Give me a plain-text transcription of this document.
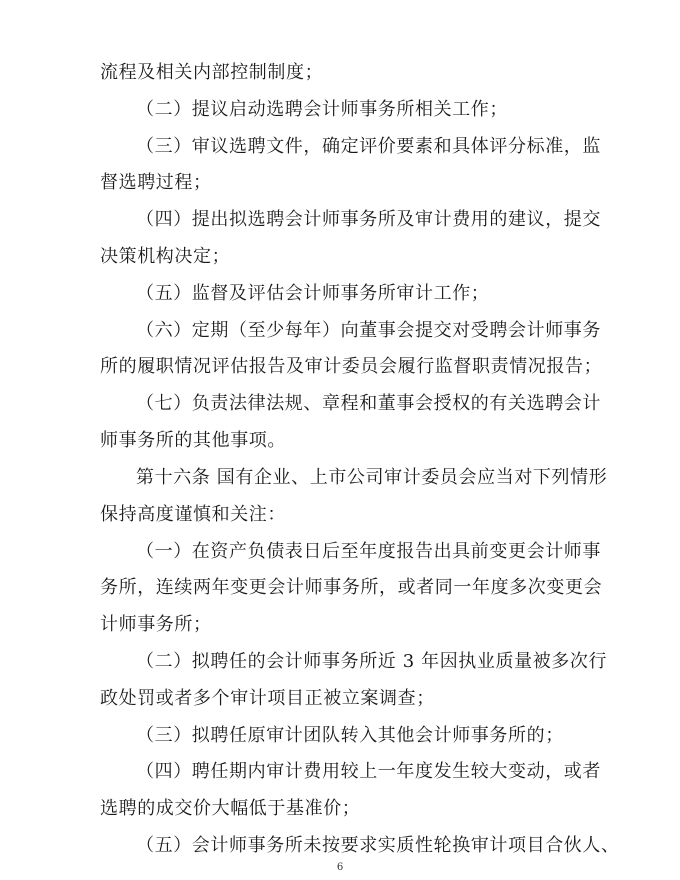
流程及相关内部控制制度；
（二）提议启动选聘会计师事务所相关工作；
（三）审议选聘文件，确定评价要素和具体评分标准，监
督选聘过程；
（四）提出拟选聘会计师事务所及审计费用的建议，提交
决策机构决定；
（五）监督及评估会计师事务所审计工作；
（六）定期（至少每年）向董事会提交对受聘会计师事务
所的履职情况评估报告及审计委员会履行监督职责情况报告；
（七）负责法律法规、章程和董事会授权的有关选聘会计
师事务所的其他事项。
第十六条 国有企业、上市公司审计委员会应当对下列情形
保持高度谨慎和关注：
（一）在资产负债表日后至年度报告出具前变更会计师事
务所，连续两年变更会计师事务所，或者同一年度多次变更会
计师事务所；
（二）拟聘任的会计师事务所近 3 年因执业质量被多次行
政处罚或者多个审计项目正被立案调查；
（三）拟聘任原审计团队转入其他会计师事务所的；
（四）聘任期内审计费用较上一年度发生较大变动，或者
选聘的成交价大幅低于基准价；
（五）会计师事务所未按要求实质性轮换审计项目合伙人、
6
